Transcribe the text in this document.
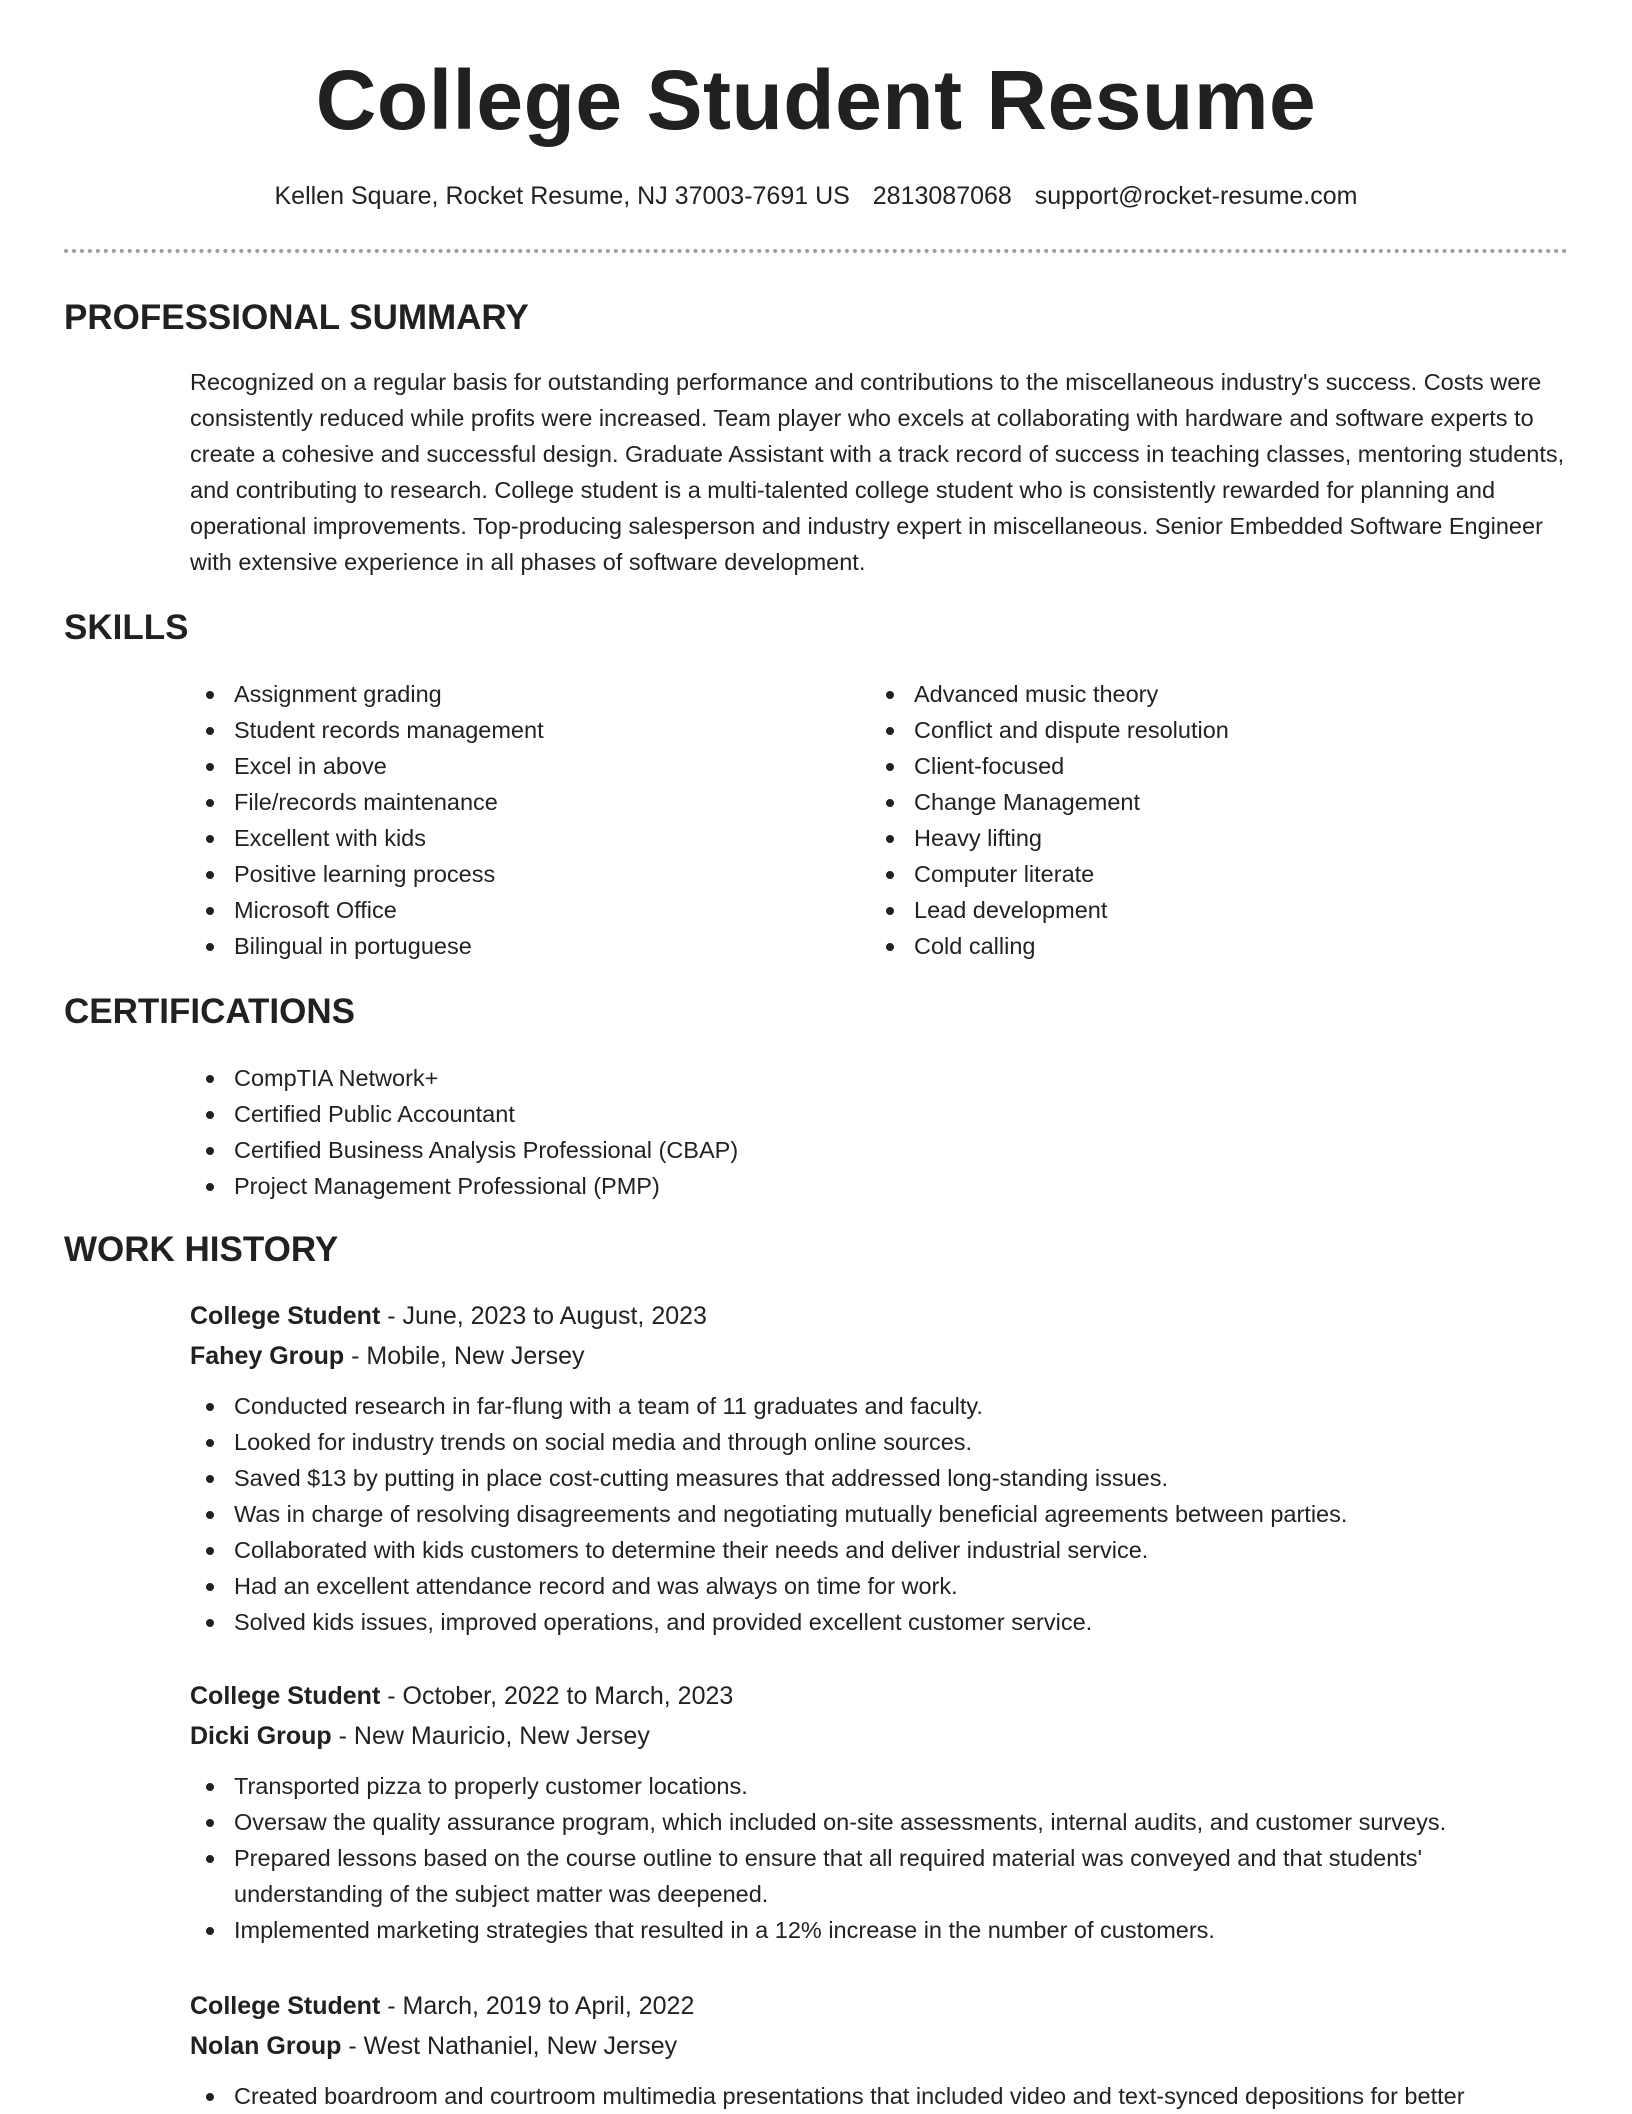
College Student Resume
Kellen Square, Rocket Resume, NJ 37003-7691 US 2813087068 support@rocket-resume.com
PROFESSIONAL SUMMARY

Recognized on a regular basis for outstanding performance and contributions to the miscellaneous industry's success. Costs were consistently reduced while profits were increased. Team player who excels at collaborating with hardware and software experts to create a cohesive and successful design. Graduate Assistant with a track record of success in teaching classes, mentoring students, and contributing to research. College student is a multi-talented college student who is consistently rewarded for planning and operational improvements. Top-producing salesperson and industry expert in miscellaneous. Senior Embedded Software Engineer with extensive experience in all phases of software development.

SKILLS
Assignment grading
Student records management
Excel in above
File/records maintenance
Excellent with kids
Positive learning process
Microsoft Office
Bilingual in portuguese
Advanced music theory
Conflict and dispute resolution
Client-focused
Change Management
Heavy lifting
Computer literate
Lead development
Cold calling
CERTIFICATIONS
CompTIA Network+
Certified Public Accountant
Certified Business Analysis Professional (CBAP)
Project Management Professional (PMP)
WORK HISTORY
College Student - June, 2023 to August, 2023
Fahey Group - Mobile, New Jersey
Conducted research in far-flung with a team of 11 graduates and faculty.
Looked for industry trends on social media and through online sources.
Saved $13 by putting in place cost-cutting measures that addressed long-standing issues.
Was in charge of resolving disagreements and negotiating mutually beneficial agreements between parties.
Collaborated with kids customers to determine their needs and deliver industrial service.
Had an excellent attendance record and was always on time for work.
Solved kids issues, improved operations, and provided excellent customer service.
College Student - October, 2022 to March, 2023
Dicki Group - New Mauricio, New Jersey
Transported pizza to properly customer locations.
Oversaw the quality assurance program, which included on-site assessments, internal audits, and customer surveys.
Prepared lessons based on the course outline to ensure that all required material was conveyed and that students' understanding of the subject matter was deepened.
Implemented marketing strategies that resulted in a 12% increase in the number of customers.
College Student - March, 2019 to April, 2022
Nolan Group - West Nathaniel, New Jersey
Created boardroom and courtroom multimedia presentations that included video and text-synced depositions for better
